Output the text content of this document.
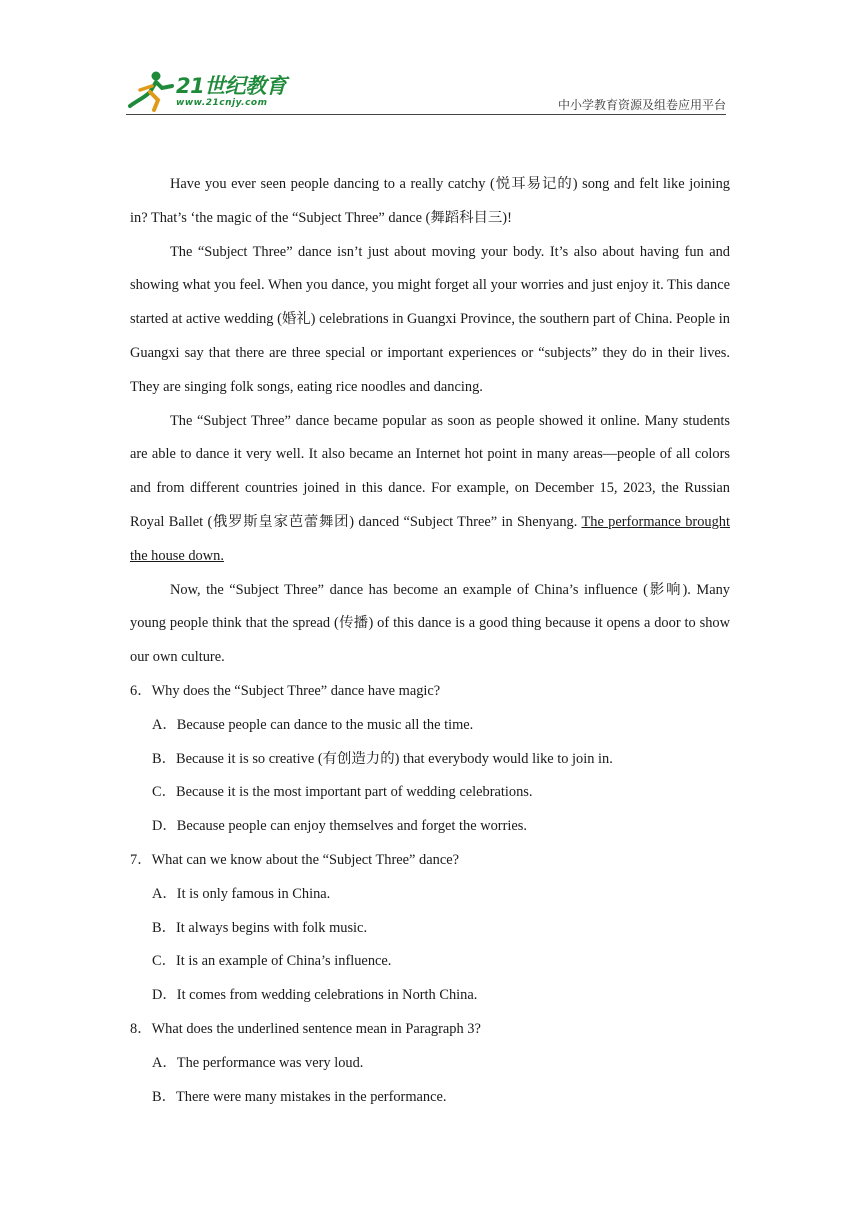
21世纪教育
www.21cnjy.com	中小学教育资源及组卷应用平台

Have you ever seen people dancing to a really catchy (悦耳易记的) song and felt like joining in? That’s ‘the magic of the “Subject Three” dance (舞蹈科目三)!

The “Subject Three” dance isn’t just about moving your body. It’s also about having fun and showing what you feel. When you dance, you might forget all your worries and just enjoy it. This dance started at active wedding (婚礼) celebrations in Guangxi Province, the southern part of China. People in Guangxi say that there are three special or important experiences or “subjects” they do in their lives. They are singing folk songs, eating rice noodles and dancing.

The “Subject Three” dance became popular as soon as people showed it online. Many students are able to dance it very well. It also became an Internet hot point in many areas—people of all colors and from different countries joined in this dance. For example, on December 15, 2023, the Russian Royal Ballet (俄罗斯皇家芭蕾舞团) danced “Subject Three” in Shenyang. The performance brought the house down.

Now, the “Subject Three” dance has become an example of China’s influence (影响). Many young people think that the spread (传播) of this dance is a good thing because it opens a door to show our own culture.

6．Why does the “Subject Three” dance have magic?

A．Because people can dance to the music all the time.

B．Because it is so creative (有创造力的) that everybody would like to join in.

C．Because it is the most important part of wedding celebrations.

D．Because people can enjoy themselves and forget the worries.

7．What can we know about the “Subject Three” dance?

A．It is only famous in China.

B．It always begins with folk music.

C．It is an example of China’s influence.

D．It comes from wedding celebrations in North China.

8．What does the underlined sentence mean in Paragraph 3?

A．The performance was very loud.

B．There were many mistakes in the performance.
